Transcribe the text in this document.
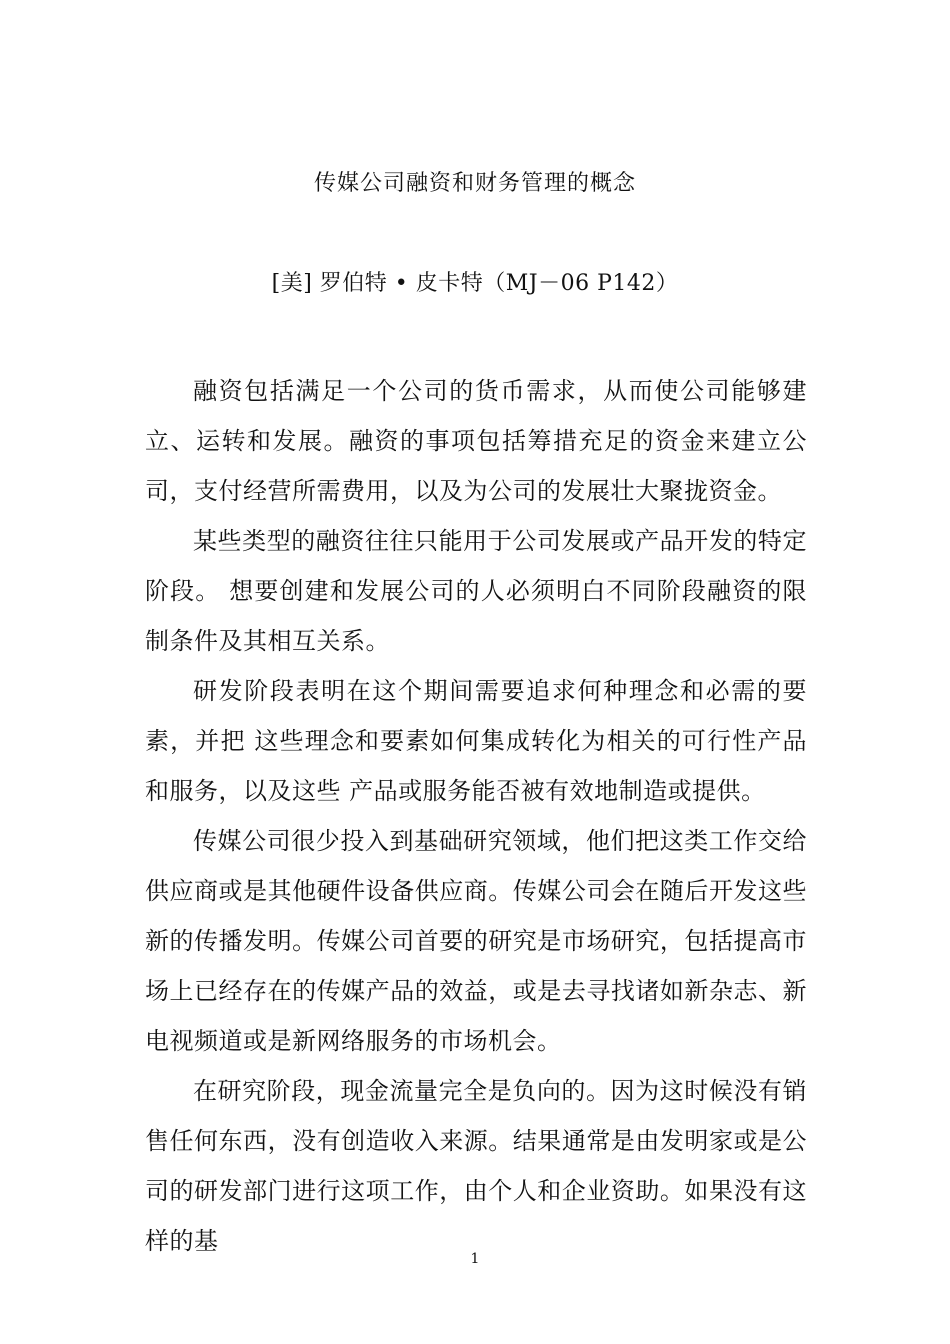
传媒公司融资和财务管理的概念
[美] 罗伯特 • 皮卡特（MJ－06 P142）

融资包括满足一个公司的货币需求，从而使公司能够建立、运转和发展。融资的事项包括筹措充足的资金来建立公司，支付经营所需费用，以及为公司的发展壮大聚拢资金。

某些类型的融资往往只能用于公司发展或产品开发的特定阶段。 想要创建和发展公司的人必须明白不同阶段融资的限制条件及其相互关系。

研发阶段表明在这个期间需要追求何种理念和必需的要素，并把 这些理念和要素如何集成转化为相关的可行性产品和服务，以及这些 产品或服务能否被有效地制造或提供。

传媒公司很少投入到基础研究领域，他们把这类工作交给供应商或是其他硬件设备供应商。传媒公司会在随后开发这些新的传播发明。传媒公司首要的研究是市场研究，包括提高市场上已经存在的传媒产品的效益，或是去寻找诸如新杂志、新电视频道或是新网络服务的市场机会。

在研究阶段，现金流量完全是负向的。因为这时候没有销售任何东西，没有创造收入来源。结果通常是由发明家或是公司的研发部门进行这项工作，由个人和企业资助。如果没有这样的基

1
